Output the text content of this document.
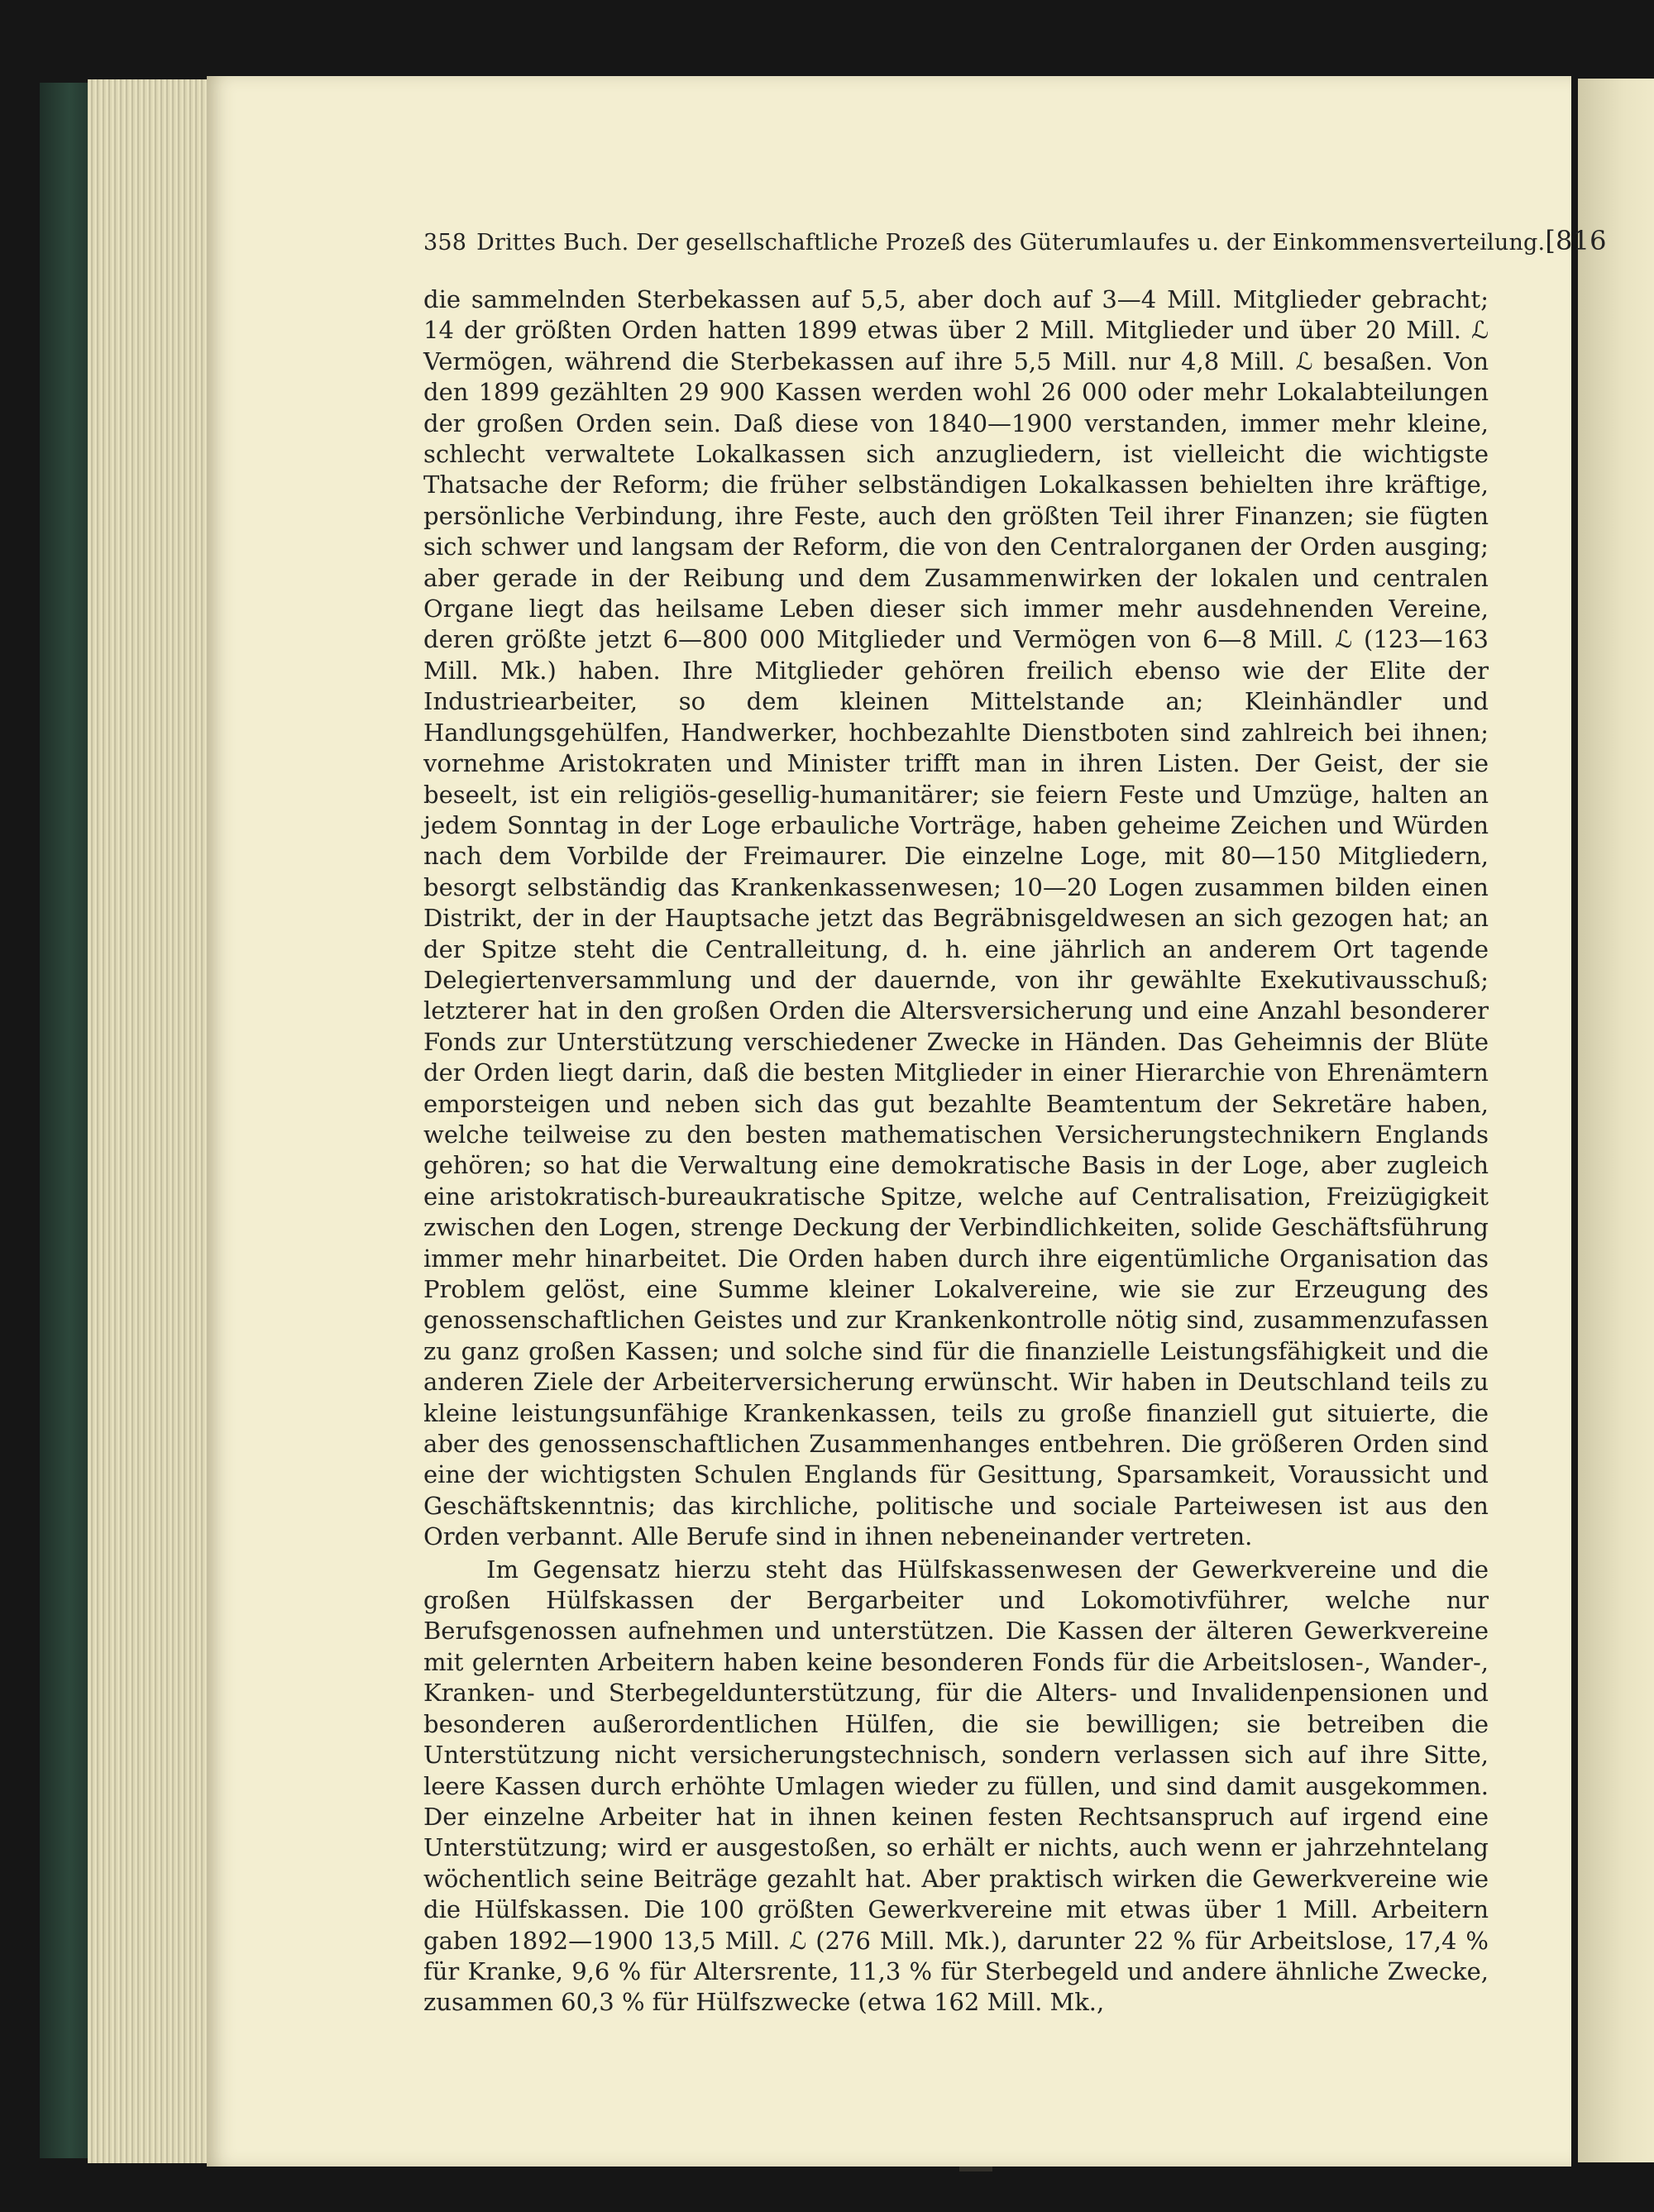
358 Drittes Buch. Der gesellschaftliche Prozeß des Güterumlaufes u. der Einkommensverteilung. [816

die sammelnden Sterbekassen auf 5,5, aber doch auf 3—4 Mill. Mitglieder gebracht; 14 der größten Orden hatten 1899 etwas über 2 Mill. Mitglieder und über 20 Mill. ℒ Vermögen, während die Sterbekassen auf ihre 5,5 Mill. nur 4,8 Mill. ℒ besaßen. Von den 1899 gezählten 29 900 Kassen werden wohl 26 000 oder mehr Lokalabteilungen der großen Orden sein. Daß diese von 1840—1900 verstanden, immer mehr kleine, schlecht verwaltete Lokalkassen sich anzugliedern, ist vielleicht die wichtigste Thatsache der Reform; die früher selbständigen Lokalkassen behielten ihre kräftige, persönliche Verbindung, ihre Feste, auch den größten Teil ihrer Finanzen; sie fügten sich schwer und langsam der Reform, die von den Centralorganen der Orden ausging; aber gerade in der Reibung und dem Zusammenwirken der lokalen und centralen Organe liegt das heilsame Leben dieser sich immer mehr ausdehnenden Vereine, deren größte jetzt 6—800 000 Mitglieder und Vermögen von 6—8 Mill. ℒ (123—163 Mill. Mk.) haben. Ihre Mitglieder gehören freilich ebenso wie der Elite der Industriearbeiter, so dem kleinen Mittelstande an; Kleinhändler und Handlungsgehülfen, Handwerker, hochbezahlte Dienstboten sind zahlreich bei ihnen; vornehme Aristokraten und Minister trifft man in ihren Listen. Der Geist, der sie beseelt, ist ein religiös-gesellig-humanitärer; sie feiern Feste und Umzüge, halten an jedem Sonntag in der Loge erbauliche Vorträge, haben geheime Zeichen und Würden nach dem Vorbilde der Freimaurer. Die einzelne Loge, mit 80—150 Mitgliedern, besorgt selbständig das Krankenkassenwesen; 10—20 Logen zusammen bilden einen Distrikt, der in der Hauptsache jetzt das Begräbnisgeldwesen an sich gezogen hat; an der Spitze steht die Centralleitung, d. h. eine jährlich an anderem Ort tagende Delegiertenversammlung und der dauernde, von ihr gewählte Exekutivausschuß; letzterer hat in den großen Orden die Altersversicherung und eine Anzahl besonderer Fonds zur Unterstützung verschiedener Zwecke in Händen. Das Geheimnis der Blüte der Orden liegt darin, daß die besten Mitglieder in einer Hierarchie von Ehrenämtern emporsteigen und neben sich das gut bezahlte Beamtentum der Sekretäre haben, welche teilweise zu den besten mathematischen Versicherungstechnikern Englands gehören; so hat die Verwaltung eine demokratische Basis in der Loge, aber zugleich eine aristokratisch-bureaukratische Spitze, welche auf Centralisation, Freizügigkeit zwischen den Logen, strenge Deckung der Verbindlichkeiten, solide Geschäftsführung immer mehr hinarbeitet. Die Orden haben durch ihre eigentümliche Organisation das Problem gelöst, eine Summe kleiner Lokalvereine, wie sie zur Erzeugung des genossenschaftlichen Geistes und zur Krankenkontrolle nötig sind, zusammenzufassen zu ganz großen Kassen; und solche sind für die finanzielle Leistungsfähigkeit und die anderen Ziele der Arbeiterversicherung erwünscht. Wir haben in Deutschland teils zu kleine leistungsunfähige Krankenkassen, teils zu große finanziell gut situierte, die aber des genossenschaftlichen Zusammenhanges entbehren. Die größeren Orden sind eine der wichtigsten Schulen Englands für Gesittung, Sparsamkeit, Voraussicht und Geschäftskenntnis; das kirchliche, politische und sociale Parteiwesen ist aus den Orden verbannt. Alle Berufe sind in ihnen nebeneinander vertreten.

Im Gegensatz hierzu steht das Hülfskassenwesen der Gewerkvereine und die großen Hülfskassen der Bergarbeiter und Lokomotivführer, welche nur Berufsgenossen aufnehmen und unterstützen. Die Kassen der älteren Gewerkvereine mit gelernten Arbeitern haben keine besonderen Fonds für die Arbeitslosen-, Wander-, Kranken- und Sterbegeldunterstützung, für die Alters- und Invalidenpensionen und besonderen außerordentlichen Hülfen, die sie bewilligen; sie betreiben die Unterstützung nicht versicherungstechnisch, sondern verlassen sich auf ihre Sitte, leere Kassen durch erhöhte Umlagen wieder zu füllen, und sind damit ausgekommen. Der einzelne Arbeiter hat in ihnen keinen festen Rechtsanspruch auf irgend eine Unterstützung; wird er ausgestoßen, so erhält er nichts, auch wenn er jahrzehntelang wöchentlich seine Beiträge gezahlt hat. Aber praktisch wirken die Gewerkvereine wie die Hülfskassen. Die 100 größten Gewerkvereine mit etwas über 1 Mill. Arbeitern gaben 1892—1900 13,5 Mill. ℒ (276 Mill. Mk.), darunter 22 % für Arbeitslose, 17,4 % für Kranke, 9,6 % für Altersrente, 11,3 % für Sterbegeld und andere ähnliche Zwecke, zusammen 60,3 % für Hülfszwecke (etwa 162 Mill. Mk.,
